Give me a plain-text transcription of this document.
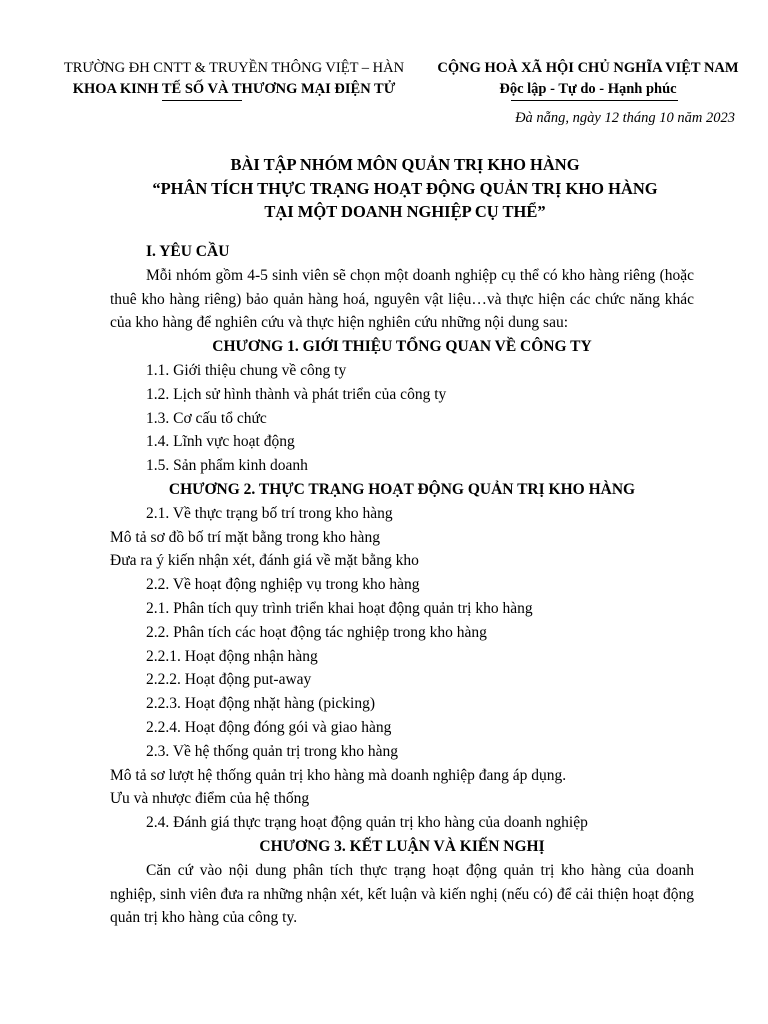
TRƯỜNG ĐH CNTT & TRUYỀN THÔNG VIỆT – HÀN
KHOA KINH TẾ SỐ VÀ THƯƠNG MẠI ĐIỆN TỬ
CỘNG HOÀ XÃ HỘI CHỦ NGHĨA VIỆT NAM
Độc lập - Tự do - Hạnh phúc
Đà nẵng, ngày 12 tháng 10 năm 2023
BÀI TẬP NHÓM MÔN QUẢN TRỊ KHO HÀNG
“PHÂN TÍCH THỰC TRẠNG HOẠT ĐỘNG QUẢN TRỊ KHO HÀNG
TẠI MỘT DOANH NGHIỆP CỤ THỂ”

I. YÊU CẦU

Mỗi nhóm gồm 4-5 sinh viên sẽ chọn một doanh nghiệp cụ thể có kho hàng riêng (hoặc thuê kho hàng riêng) bảo quản hàng hoá, nguyên vật liệu…và thực hiện các chức năng khác của kho hàng để nghiên cứu và thực hiện nghiên cứu những nội dung sau:

CHƯƠNG 1. GIỚI THIỆU TỔNG QUAN VỀ CÔNG TY

1.1. Giới thiệu chung về công ty

1.2. Lịch sử hình thành và phát triển của công ty

1.3. Cơ cấu tổ chức

1.4. Lĩnh vực hoạt động

1.5. Sản phẩm kinh doanh

CHƯƠNG 2. THỰC TRẠNG HOẠT ĐỘNG QUẢN TRỊ KHO HÀNG

2.1. Về thực trạng bố trí trong kho hàng

Mô tả sơ đồ bố trí mặt bằng trong kho hàng

Đưa ra ý kiến nhận xét, đánh giá về mặt bằng kho

2.2. Về hoạt động nghiệp vụ trong kho hàng

2.1. Phân tích quy trình triển khai hoạt động quản trị kho hàng

2.2. Phân tích các hoạt động tác nghiệp trong kho hàng

2.2.1. Hoạt động nhận hàng

2.2.2. Hoạt động put-away

2.2.3. Hoạt động nhặt hàng (picking)

2.2.4. Hoạt động đóng gói và giao hàng

2.3. Về hệ thống quản trị trong kho hàng

Mô tả sơ lượt hệ thống quản trị kho hàng mà doanh nghiệp đang áp dụng.

Ưu và nhược điểm của hệ thống

2.4. Đánh giá thực trạng hoạt động quản trị kho hàng của doanh nghiệp

CHƯƠNG 3. KẾT LUẬN VÀ KIẾN NGHỊ

Căn cứ vào nội dung phân tích thực trạng hoạt động quản trị kho hàng của doanh nghiệp, sinh viên đưa ra những nhận xét, kết luận và kiến nghị (nếu có) để cải thiện hoạt động quản trị kho hàng của công ty.
